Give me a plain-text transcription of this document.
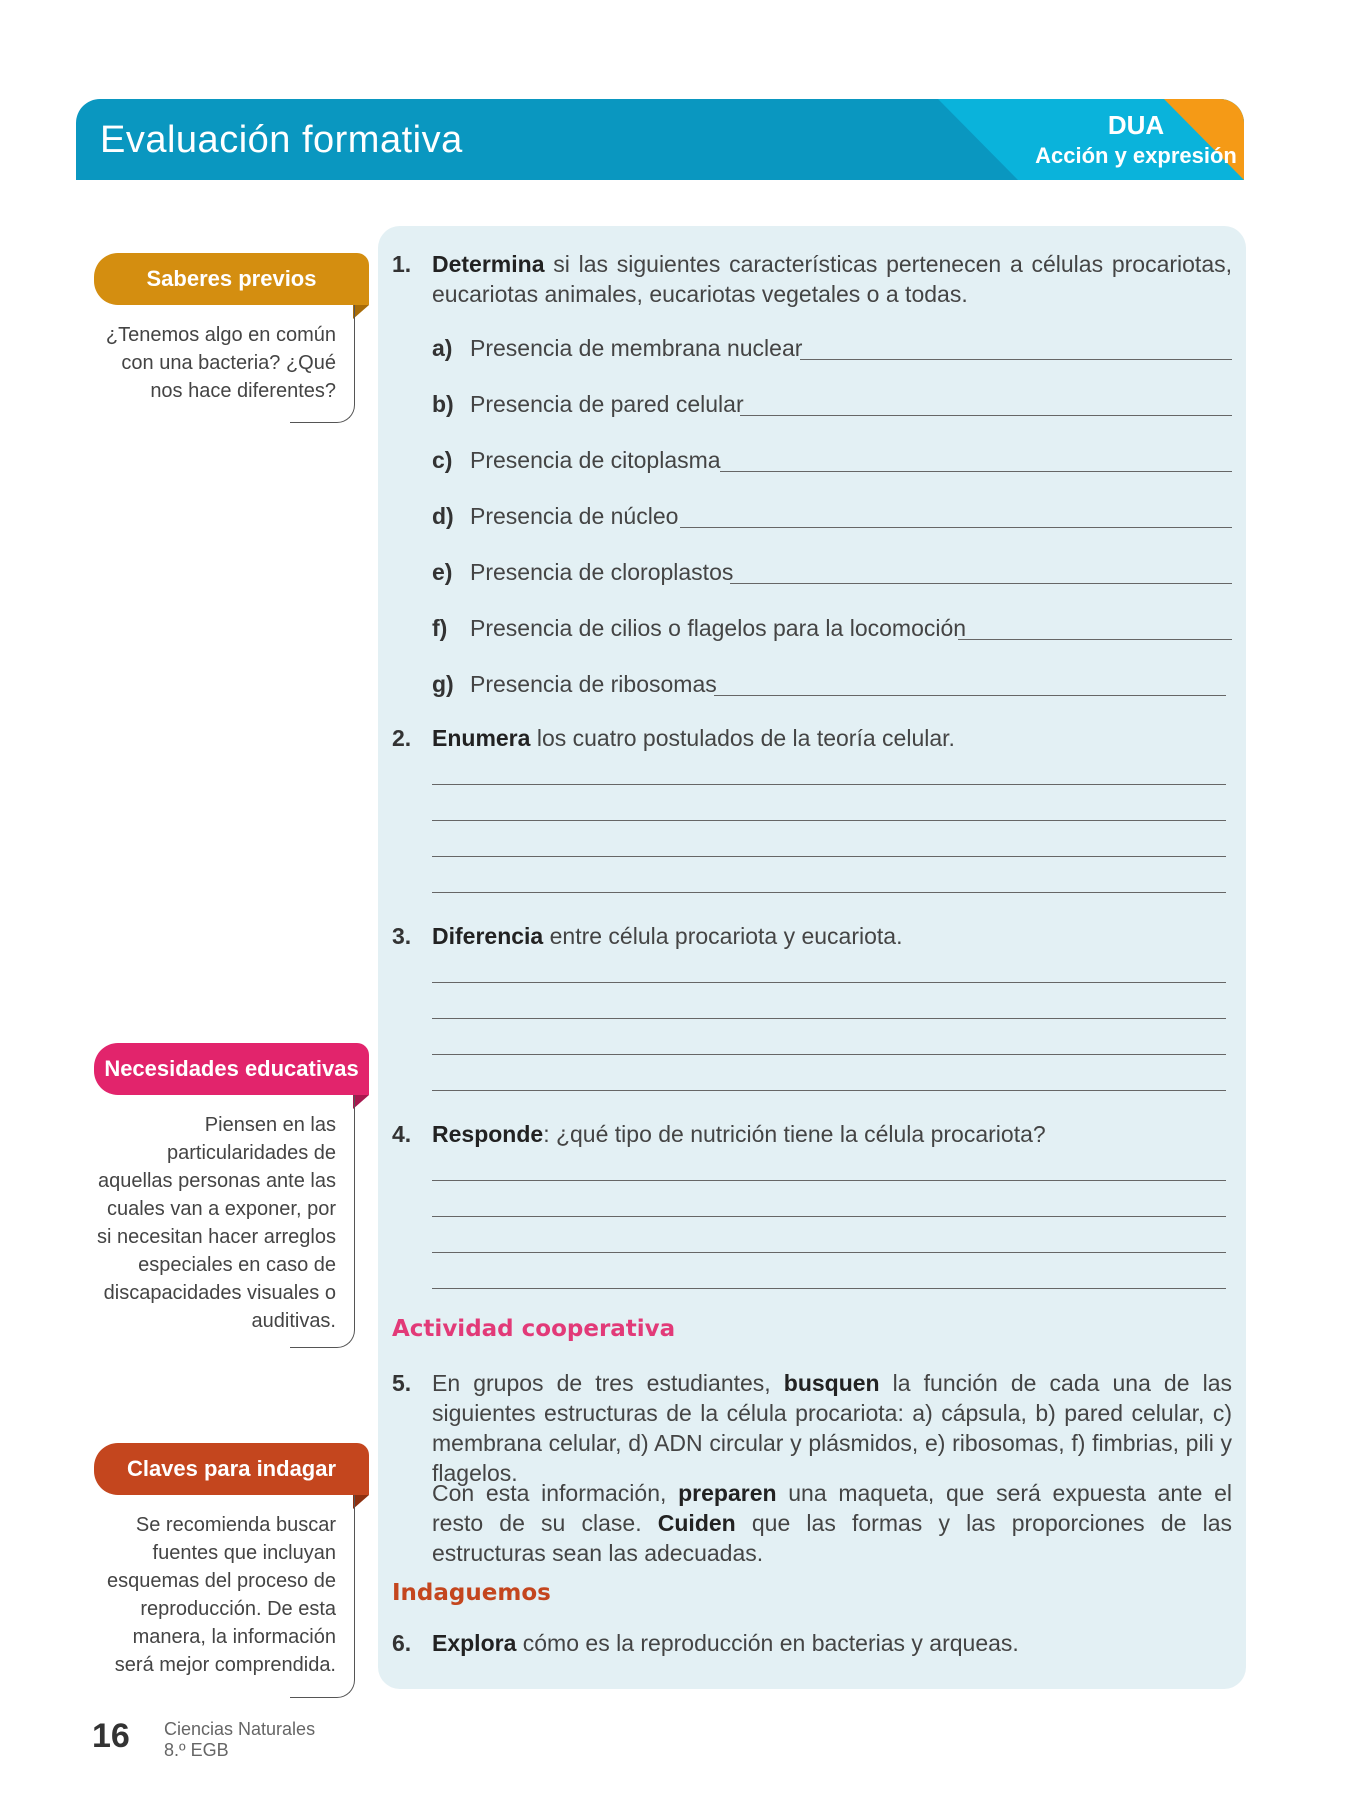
Evaluación formativa	DUA
Acción y expresión
Saberes previos
¿Tenemos algo en común con una bacteria? ¿Qué nos hace diferentes?
Necesidades educativas
Piensen en las particularidades de aquellas personas ante las cuales van a exponer, por si necesitan hacer arreglos especiales en caso de discapacidades visuales o auditivas.
Claves para indagar
Se recomienda buscar fuentes que incluyan esquemas del proceso de reproducción. De esta manera, la información será mejor comprendida.
1. Determina si las siguientes características pertenecen a células procariotas, eucariotas animales, eucariotas vegetales o a todas.
a) Presencia de membrana nuclear
b) Presencia de pared celular
c) Presencia de citoplasma
d) Presencia de núcleo
e) Presencia de cloroplastos
f) Presencia de cilios o flagelos para la locomoción
g) Presencia de ribosomas
2. Enumera los cuatro postulados de la teoría celular.
3. Diferencia entre célula procariota y eucariota.
4. Responde: ¿qué tipo de nutrición tiene la célula procariota?
Actividad cooperativa
5. En grupos de tres estudiantes, busquen la función de cada una de las siguientes estructuras de la célula procariota: a) cápsula, b) pared celular, c) membrana celular, d) ADN circular y plásmidos, e) ribosomas, f) fimbrias, pili y flagelos.
Con esta información, preparen una maqueta, que será expuesta ante el resto de su clase. Cuiden que las formas y las proporciones de las estructuras sean las adecuadas.
Indaguemos
6. Explora cómo es la reproducción en bacterias y arqueas.
16 Ciencias Naturales
8.º EGB
